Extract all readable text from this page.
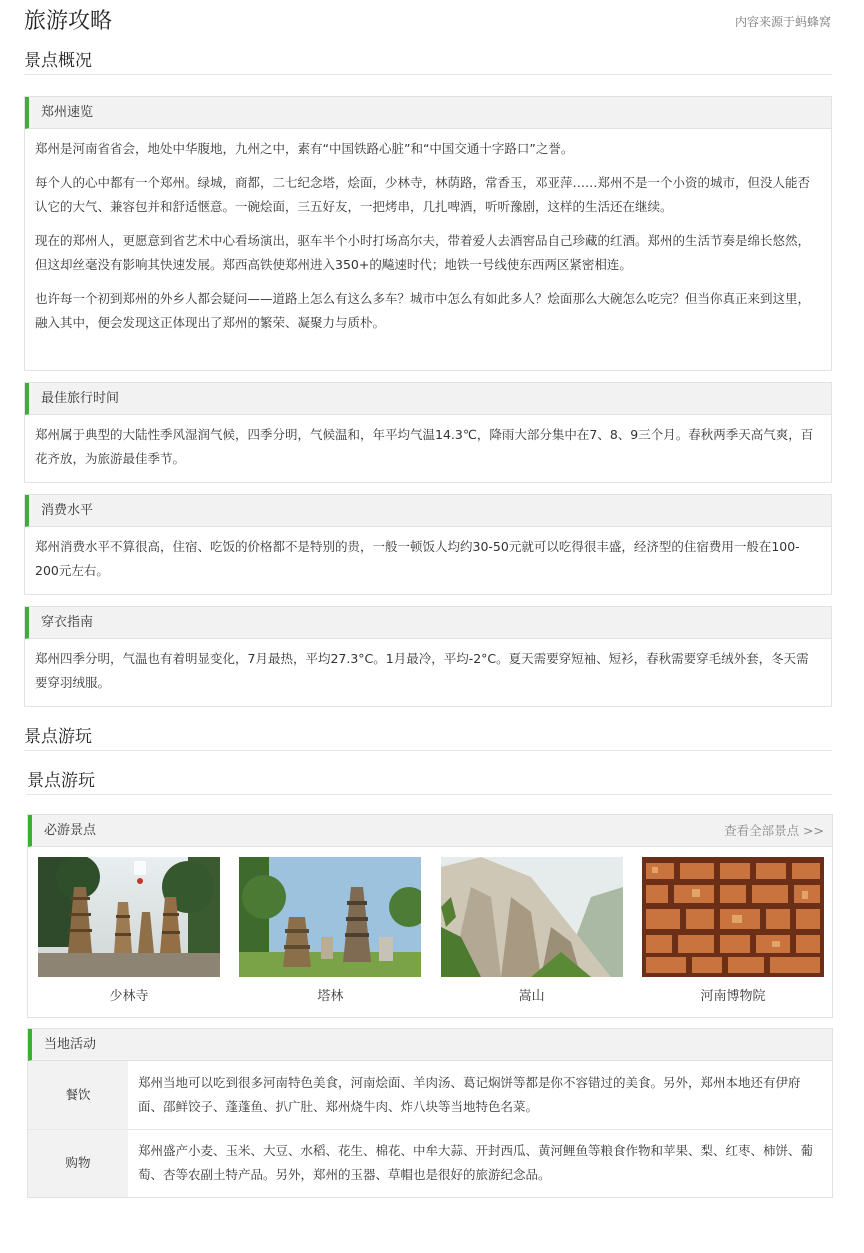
旅游攻略	内容来源于蚂蜂窝
景点概况
郑州速览

郑州是河南省省会，地处中华腹地，九州之中，素有“中国铁路心脏”和“中国交通十字路口”之誉。

每个人的心中都有一个郑州。绿城，商都，二七纪念塔，烩面，少林寺，林荫路，常香玉，邓亚萍……郑州不是一个小资的城市，但没人能否认它的大气、兼容包并和舒适惬意。一碗烩面，三五好友，一把烤串，几扎啤酒，听听豫剧，这样的生活还在继续。

现在的郑州人，更愿意到省艺术中心看场演出，驱车半个小时打场高尔夫，带着爱人去酒窖品自己珍藏的红酒。郑州的生活节奏是绵长悠然，但这却丝毫没有影响其快速发展。郑西高铁使郑州进入350+的飚速时代；地铁一号线使东西两区紧密相连。

也许每一个初到郑州的外乡人都会疑问——道路上怎么有这么多车？城市中怎么有如此多人？烩面那么大碗怎么吃完？但当你真正来到这里，融入其中，便会发现这正体现出了郑州的繁荣、凝聚力与质朴。

最佳旅行时间

郑州属于典型的大陆性季风湿润气候，四季分明，气候温和，年平均气温14.3℃，降雨大部分集中在7、8、9三个月。春秋两季天高气爽，百花齐放，为旅游最佳季节。

消费水平

郑州消费水平不算很高，住宿、吃饭的价格都不是特别的贵，一般一顿饭人均约30-50元就可以吃得很丰盛，经济型的住宿费用一般在100-200元左右。

穿衣指南

郑州四季分明，气温也有着明显变化，7月最热，平均27.3°C。1月最冷，平均-2°C。夏天需要穿短袖、短衫，春秋需要穿毛绒外套，冬天需要穿羽绒服。

景点游玩
景点游玩
必游景点	查看全部景点 >>
少林寺	塔林	嵩山	河南博物院
当地活动
餐饮	郑州当地可以吃到很多河南特色美食，河南烩面、羊肉汤、葛记焖饼等都是你不容错过的美食。另外，郑州本地还有伊府面、邵鲜饺子、蓬蓬鱼、扒广肚、郑州烧牛肉、炸八块等当地特色名菜。
购物	郑州盛产小麦、玉米、大豆、水稻、花生、棉花、中牟大蒜、开封西瓜、黄河鲤鱼等粮食作物和苹果、梨、红枣、柿饼、葡萄、杏等农副土特产品。另外，郑州的玉器、草帽也是很好的旅游纪念品。
